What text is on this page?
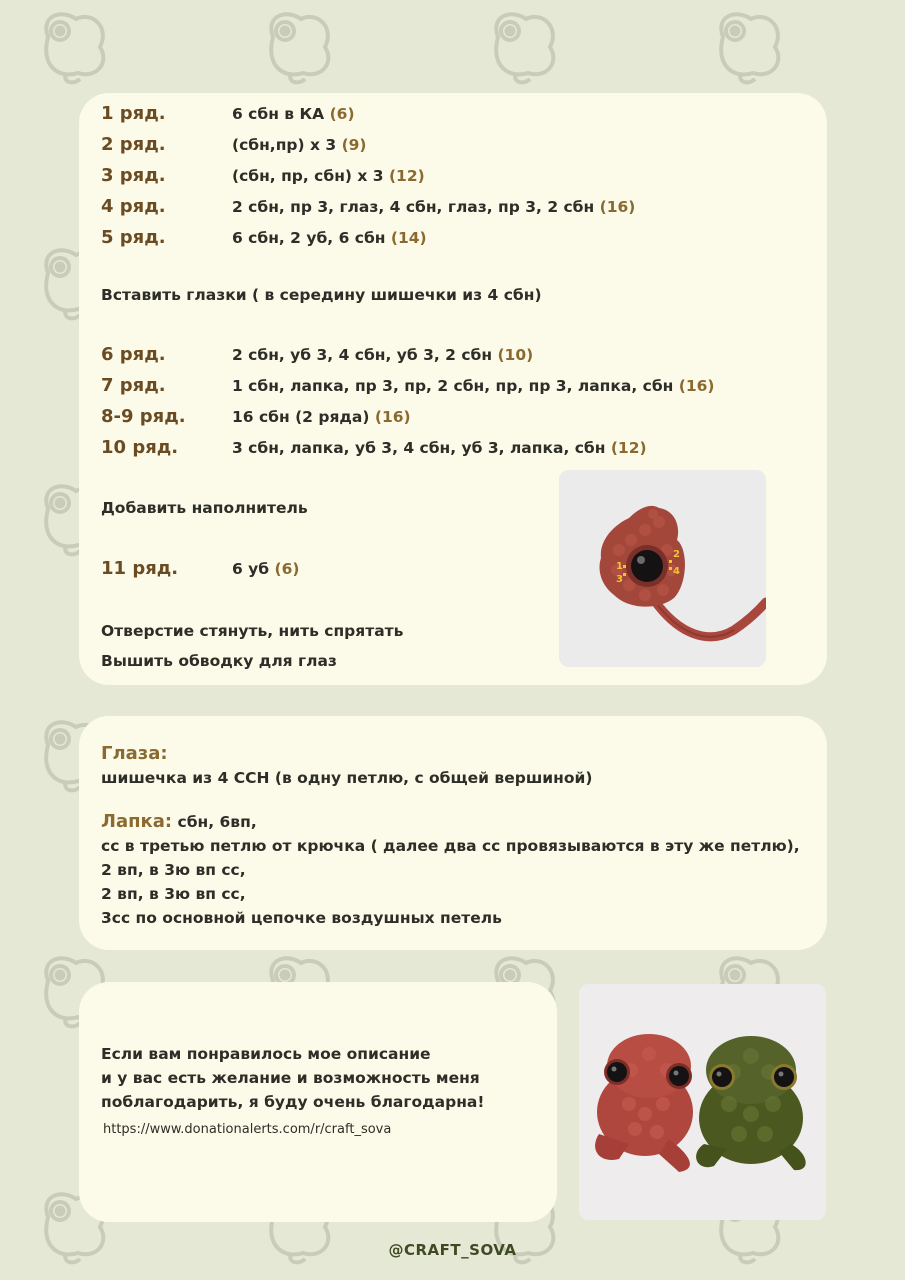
1 ряд.	6 сбн в КА (6)
2 ряд.	(сбн,пр) х 3 (9)
3 ряд.	(сбн, пр, сбн) х 3 (12)
4 ряд.	2 сбн, пр 3, глаз, 4 сбн, глаз, пр 3, 2 сбн (16)
5 ряд.	6 сбн, 2 уб, 6 сбн (14)
Вставить глазки ( в середину шишечки из 4 сбн)
6 ряд.	2 сбн, уб 3, 4 сбн, уб 3, 2 сбн (10)
7 ряд.	1 сбн, лапка, пр 3, пр, 2 сбн, пр, пр 3, лапка, сбн (16)
8-9 ряд.	16 сбн (2 ряда) (16)
10 ряд.	3 сбн, лапка, уб 3, 4 сбн, уб 3, лапка, сбн (12)
Добавить наполнитель
11 ряд.	6 уб (6)
Отверстие стянуть, нить спрятать
Вышить обводку для глаз
1
2
3
4
Глаза:
шишечка из 4 ССН (в одну петлю, с общей вершиной)
Лапка: сбн, 6вп,
сс в третью петлю от крючка ( далее два сс провязываются в эту же петлю),
2 вп, в 3ю вп сс,
2 вп, в 3ю вп сс,
3сс по основной цепочке воздушных петель
Если вам понравилось мое описание
и у вас есть желание и возможность меня
поблагодарить, я буду очень благодарна!
https://www.donationalerts.com/r/craft_sova
@CRAFT_SOVA
